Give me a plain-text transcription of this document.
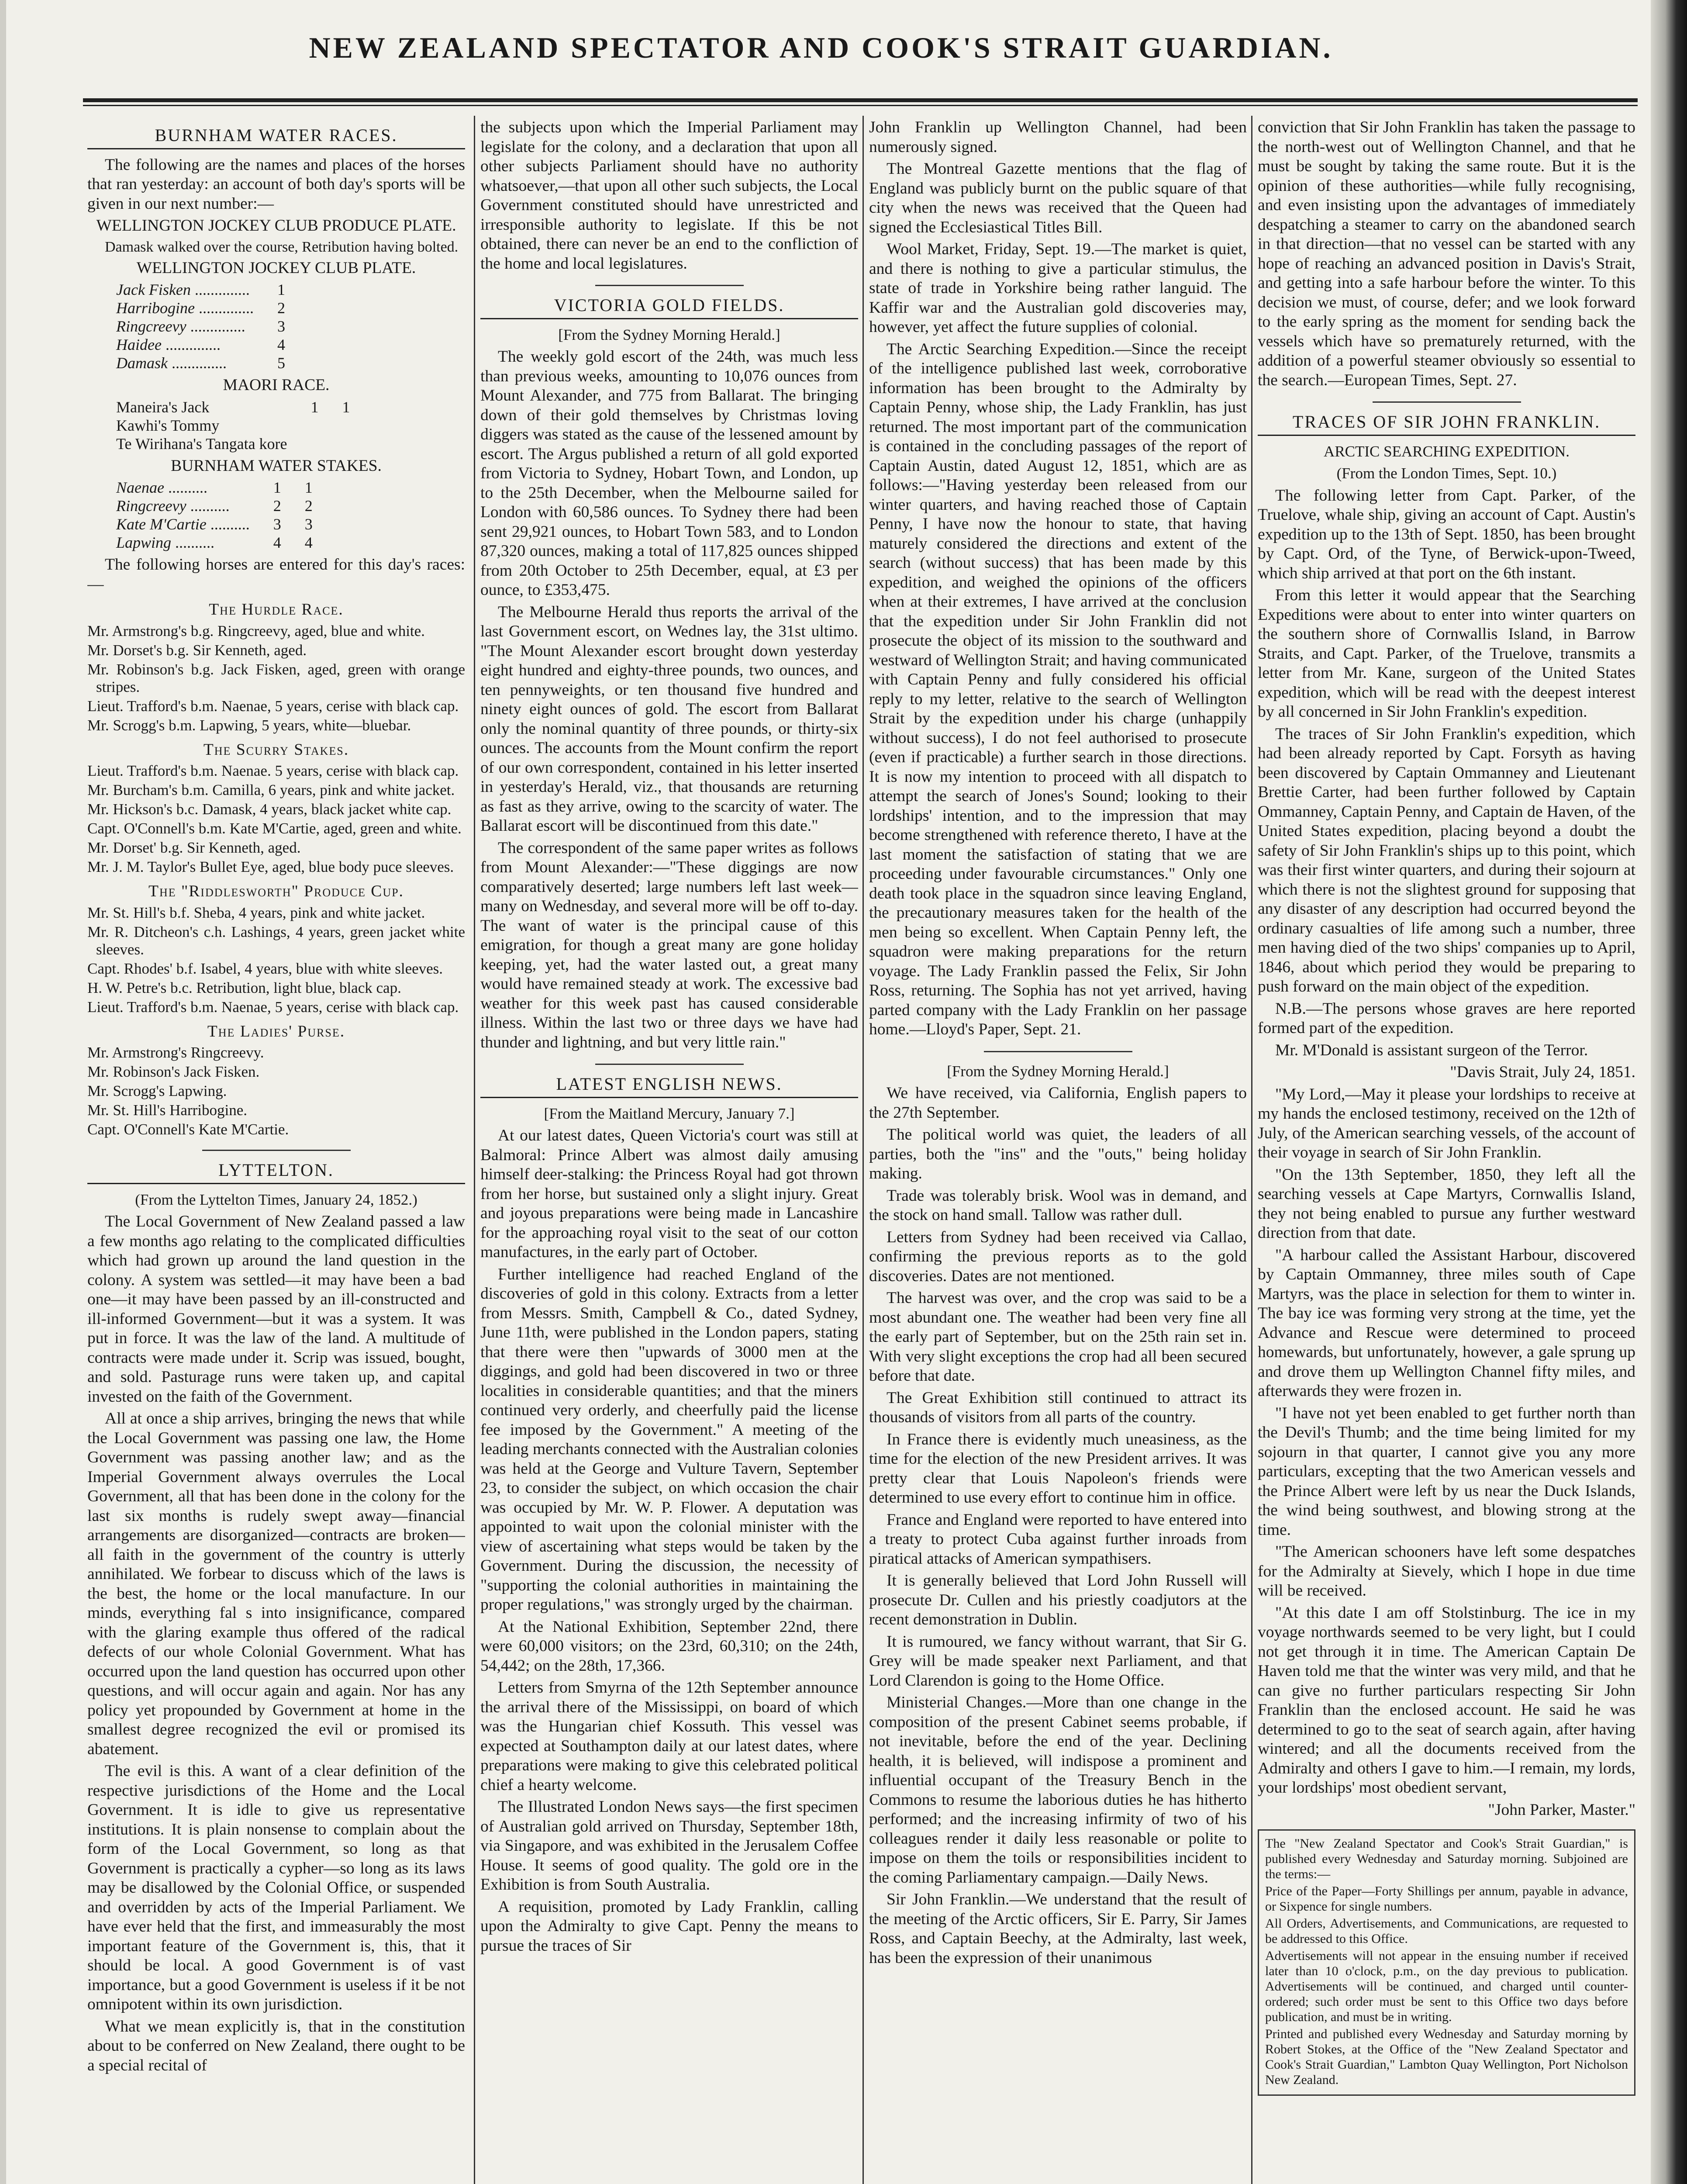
NEW ZEALAND SPECTATOR AND COOK'S STRAIT GUARDIAN.
BURNHAM WATER RACES.

The following are the names and places of the horses that ran yesterday: an account of both day's sports will be given in our next number:—

WELLINGTON JOCKEY CLUB PRODUCE PLATE.

Damask walked over the course, Retribution having bolted.

WELLINGTON JOCKEY CLUB PLATE.

Jack Fisken ..............	1
Harribogine ..............	2
Ringcreevy ..............	3
Haidee ..............	4
Damask ..............	5

MAORI RACE.

Maneira's Jack	1	1
Kawhi's Tommy		
Te Wirihana's Tangata kore		

BURNHAM WATER STAKES.

Naenae ..........	1	1
Ringcreevy ..........	2	2
Kate M'Cartie ..........	3	3
Lapwing ..........	4	4

The following horses are entered for this day's races:—

The Hurdle Race.

Mr. Armstrong's b.g. Ringcreevy, aged, blue and white.

Mr. Dorset's b.g. Sir Kenneth, aged.

Mr. Robinson's b.g. Jack Fisken, aged, green with orange stripes.

Lieut. Trafford's b.m. Naenae, 5 years, cerise with black cap.

Mr. Scrogg's b.m. Lapwing, 5 years, white—bluebar.

The Scurry Stakes.

Lieut. Trafford's b.m. Naenae. 5 years, cerise with black cap.

Mr. Burcham's b.m. Camilla, 6 years, pink and white jacket.

Mr. Hickson's b.c. Damask, 4 years, black jacket white cap.

Capt. O'Connell's b.m. Kate M'Cartie, aged, green and white.

Mr. Dorset' b.g. Sir Kenneth, aged.

Mr. J. M. Taylor's Bullet Eye, aged, blue body puce sleeves.

The "Riddlesworth" Produce Cup.

Mr. St. Hill's b.f. Sheba, 4 years, pink and white jacket.

Mr. R. Ditcheon's c.h. Lashings, 4 years, green jacket white sleeves.

Capt. Rhodes' b.f. Isabel, 4 years, blue with white sleeves.

H. W. Petre's b.c. Retribution, light blue, black cap.

Lieut. Trafford's b.m. Naenae, 5 years, cerise with black cap.

The Ladies' Purse.

Mr. Armstrong's Ringcreevy.

Mr. Robinson's Jack Fisken.

Mr. Scrogg's Lapwing.

Mr. St. Hill's Harribogine.

Capt. O'Connell's Kate M'Cartie.

LYTTELTON.

(From the Lyttelton Times, January 24, 1852.)

The Local Government of New Zealand passed a law a few months ago relating to the complicated difficulties which had grown up around the land question in the colony. A system was settled—it may have been a bad one—it may have been passed by an ill-constructed and ill-informed Government—but it was a system. It was put in force. It was the law of the land. A multitude of contracts were made under it. Scrip was issued, bought, and sold. Pasturage runs were taken up, and capital invested on the faith of the Government.

All at once a ship arrives, bringing the news that while the Local Government was passing one law, the Home Government was passing another law; and as the Imperial Government always overrules the Local Government, all that has been done in the colony for the last six months is rudely swept away—financial arrangements are disorganized—contracts are broken—all faith in the government of the country is utterly annihilated. We forbear to discuss which of the laws is the best, the home or the local manufacture. In our minds, everything fal s into insignificance, compared with the glaring example thus offered of the radical defects of our whole Colonial Government. What has occurred upon the land question has occurred upon other questions, and will occur again and again. Nor has any policy yet propounded by Government at home in the smallest degree recognized the evil or promised its abatement.

The evil is this. A want of a clear definition of the respective jurisdictions of the Home and the Local Government. It is idle to give us representative institutions. It is plain nonsense to complain about the form of the Local Government, so long as that Government is practically a cypher—so long as its laws may be disallowed by the Colonial Office, or suspended and overridden by acts of the Imperial Parliament. We have ever held that the first, and immeasurably the most important feature of the Government is, this, that it should be local. A good Government is of vast importance, but a good Government is useless if it be not omnipotent within its own jurisdiction.

What we mean explicitly is, that in the constitution about to be conferred on New Zealand, there ought to be a special recital of

the subjects upon which the Imperial Parliament may legislate for the colony, and a declaration that upon all other subjects Parliament should have no authority whatsoever,—that upon all other such subjects, the Local Government constituted should have unrestricted and irresponsible authority to legislate. If this be not obtained, there can never be an end to the confliction of the home and local legislatures.

VICTORIA GOLD FIELDS.

[From the Sydney Morning Herald.]

The weekly gold escort of the 24th, was much less than previous weeks, amounting to 10,076 ounces from Mount Alexander, and 775 from Ballarat. The bringing down of their gold themselves by Christmas loving diggers was stated as the cause of the lessened amount by escort. The Argus published a return of all gold exported from Victoria to Sydney, Hobart Town, and London, up to the 25th December, when the Melbourne sailed for London with 60,586 ounces. To Sydney there had been sent 29,921 ounces, to Hobart Town 583, and to London 87,320 ounces, making a total of 117,825 ounces shipped from 20th October to 25th December, equal, at £3 per ounce, to £353,475.

The Melbourne Herald thus reports the arrival of the last Government escort, on Wednes lay, the 31st ultimo. "The Mount Alexander escort brought down yesterday eight hundred and eighty-three pounds, two ounces, and ten pennyweights, or ten thousand five hundred and ninety eight ounces of gold. The escort from Ballarat only the nominal quantity of three pounds, or thirty-six ounces. The accounts from the Mount confirm the report of our own correspondent, contained in his letter inserted in yesterday's Herald, viz., that thousands are returning as fast as they arrive, owing to the scarcity of water. The Ballarat escort will be discontinued from this date."

The correspondent of the same paper writes as follows from Mount Alexander:—"These diggings are now comparatively deserted; large numbers left last week—many on Wednesday, and several more will be off to-day. The want of water is the principal cause of this emigration, for though a great many are gone holiday keeping, yet, had the water lasted out, a great many would have remained steady at work. The excessive bad weather for this week past has caused considerable illness. Within the last two or three days we have had thunder and lightning, and but very little rain."

LATEST ENGLISH NEWS.

[From the Maitland Mercury, January 7.]

At our latest dates, Queen Victoria's court was still at Balmoral: Prince Albert was almost daily amusing himself deer-stalking: the Princess Royal had got thrown from her horse, but sustained only a slight injury. Great and joyous preparations were being made in Lancashire for the approaching royal visit to the seat of our cotton manufactures, in the early part of October.

Further intelligence had reached England of the discoveries of gold in this colony. Extracts from a letter from Messrs. Smith, Campbell & Co., dated Sydney, June 11th, were published in the London papers, stating that there were then "upwards of 3000 men at the diggings, and gold had been discovered in two or three localities in considerable quantities; and that the miners continued very orderly, and cheerfully paid the license fee imposed by the Government." A meeting of the leading merchants connected with the Australian colonies was held at the George and Vulture Tavern, September 23, to consider the subject, on which occasion the chair was occupied by Mr. W. P. Flower. A deputation was appointed to wait upon the colonial minister with the view of ascertaining what steps would be taken by the Government. During the discussion, the necessity of "supporting the colonial authorities in maintaining the proper regulations," was strongly urged by the chairman.

At the National Exhibition, September 22nd, there were 60,000 visitors; on the 23rd, 60,310; on the 24th, 54,442; on the 28th, 17,366.

Letters from Smyrna of the 12th September announce the arrival there of the Mississippi, on board of which was the Hungarian chief Kossuth. This vessel was expected at Southampton daily at our latest dates, where preparations were making to give this celebrated political chief a hearty welcome.

The Illustrated London News says—the first specimen of Australian gold arrived on Thursday, September 18th, via Singapore, and was exhibited in the Jerusalem Coffee House. It seems of good quality. The gold ore in the Exhibition is from South Australia.

A requisition, promoted by Lady Franklin, calling upon the Admiralty to give Capt. Penny the means to pursue the traces of Sir

John Franklin up Wellington Channel, had been numerously signed.

The Montreal Gazette mentions that the flag of England was publicly burnt on the public square of that city when the news was received that the Queen had signed the Ecclesiastical Titles Bill.

Wool Market, Friday, Sept. 19.—The market is quiet, and there is nothing to give a particular stimulus, the state of trade in Yorkshire being rather languid. The Kaffir war and the Australian gold discoveries may, however, yet affect the future supplies of colonial.

The Arctic Searching Expedition.—Since the receipt of the intelligence published last week, corroborative information has been brought to the Admiralty by Captain Penny, whose ship, the Lady Franklin, has just returned. The most important part of the communication is contained in the concluding passages of the report of Captain Austin, dated August 12, 1851, which are as follows:—"Having yesterday been released from our winter quarters, and having reached those of Captain Penny, I have now the honour to state, that having maturely considered the directions and extent of the search (without success) that has been made by this expedition, and weighed the opinions of the officers when at their extremes, I have arrived at the conclusion that the expedition under Sir John Franklin did not prosecute the object of its mission to the southward and westward of Wellington Strait; and having communicated with Captain Penny and fully considered his official reply to my letter, relative to the search of Wellington Strait by the expedition under his charge (unhappily without success), I do not feel authorised to prosecute (even if practicable) a further search in those directions. It is now my intention to proceed with all dispatch to attempt the search of Jones's Sound; looking to their lordships' intention, and to the impression that may become strengthened with reference thereto, I have at the last moment the satisfaction of stating that we are proceeding under favourable circumstances." Only one death took place in the squadron since leaving England, the precautionary measures taken for the health of the men being so excellent. When Captain Penny left, the squadron were making preparations for the return voyage. The Lady Franklin passed the Felix, Sir John Ross, returning. The Sophia has not yet arrived, having parted company with the Lady Franklin on her passage home.—Lloyd's Paper, Sept. 21.

[From the Sydney Morning Herald.]

We have received, via California, English papers to the 27th September.

The political world was quiet, the leaders of all parties, both the "ins" and the "outs," being holiday making.

Trade was tolerably brisk. Wool was in demand, and the stock on hand small. Tallow was rather dull.

Letters from Sydney had been received via Callao, confirming the previous reports as to the gold discoveries. Dates are not mentioned.

The harvest was over, and the crop was said to be a most abundant one. The weather had been very fine all the early part of September, but on the 25th rain set in. With very slight exceptions the crop had all been secured before that date.

The Great Exhibition still continued to attract its thousands of visitors from all parts of the country.

In France there is evidently much uneasiness, as the time for the election of the new President arrives. It was pretty clear that Louis Napoleon's friends were determined to use every effort to continue him in office.

France and England were reported to have entered into a treaty to protect Cuba against further inroads from piratical attacks of American sympathisers.

It is generally believed that Lord John Russell will prosecute Dr. Cullen and his priestly coadjutors at the recent demonstration in Dublin.

It is rumoured, we fancy without warrant, that Sir G. Grey will be made speaker next Parliament, and that Lord Clarendon is going to the Home Office.

Ministerial Changes.—More than one change in the composition of the present Cabinet seems probable, if not inevitable, before the end of the year. Declining health, it is believed, will indispose a prominent and influential occupant of the Treasury Bench in the Commons to resume the laborious duties he has hitherto performed; and the increasing infirmity of two of his colleagues render it daily less reasonable or polite to impose on them the toils or responsibilities incident to the coming Parliamentary campaign.—Daily News.

Sir John Franklin.—We understand that the result of the meeting of the Arctic officers, Sir E. Parry, Sir James Ross, and Captain Beechy, at the Admiralty, last week, has been the expression of their unanimous

conviction that Sir John Franklin has taken the passage to the north-west out of Wellington Channel, and that he must be sought by taking the same route. But it is the opinion of these authorities—while fully recognising, and even insisting upon the advantages of immediately despatching a steamer to carry on the abandoned search in that direction—that no vessel can be started with any hope of reaching an advanced position in Davis's Strait, and getting into a safe harbour before the winter. To this decision we must, of course, defer; and we look forward to the early spring as the moment for sending back the vessels which have so prematurely returned, with the addition of a powerful steamer obviously so essential to the search.—European Times, Sept. 27.

TRACES OF SIR JOHN FRANKLIN.

ARCTIC SEARCHING EXPEDITION.

(From the London Times, Sept. 10.)

The following letter from Capt. Parker, of the Truelove, whale ship, giving an account of Capt. Austin's expedition up to the 13th of Sept. 1850, has been brought by Capt. Ord, of the Tyne, of Berwick-upon-Tweed, which ship arrived at that port on the 6th instant.

From this letter it would appear that the Searching Expeditions were about to enter into winter quarters on the southern shore of Cornwallis Island, in Barrow Straits, and Capt. Parker, of the Truelove, transmits a letter from Mr. Kane, surgeon of the United States expedition, which will be read with the deepest interest by all concerned in Sir John Franklin's expedition.

The traces of Sir John Franklin's expedition, which had been already reported by Capt. Forsyth as having been discovered by Captain Ommanney and Lieutenant Brettie Carter, had been further followed by Captain Ommanney, Captain Penny, and Captain de Haven, of the United States expedition, placing beyond a doubt the safety of Sir John Franklin's ships up to this point, which was their first winter quarters, and during their sojourn at which there is not the slightest ground for supposing that any disaster of any description had occurred beyond the ordinary casualties of life among such a number, three men having died of the two ships' companies up to April, 1846, about which period they would be preparing to push forward on the main object of the expedition.

N.B.—The persons whose graves are here reported formed part of the expedition.

Mr. M'Donald is assistant surgeon of the Terror.

"Davis Strait, July 24, 1851.

"My Lord,—May it please your lordships to receive at my hands the enclosed testimony, received on the 12th of July, of the American searching vessels, of the account of their voyage in search of Sir John Franklin.

"On the 13th September, 1850, they left all the searching vessels at Cape Martyrs, Cornwallis Island, they not being enabled to pursue any further westward direction from that date.

"A harbour called the Assistant Harbour, discovered by Captain Ommanney, three miles south of Cape Martyrs, was the place in selection for them to winter in. The bay ice was forming very strong at the time, yet the Advance and Rescue were determined to proceed homewards, but unfortunately, however, a gale sprung up and drove them up Wellington Channel fifty miles, and afterwards they were frozen in.

"I have not yet been enabled to get further north than the Devil's Thumb; and the time being limited for my sojourn in that quarter, I cannot give you any more particulars, excepting that the two American vessels and the Prince Albert were left by us near the Duck Islands, the wind being southwest, and blowing strong at the time.

"The American schooners have left some despatches for the Admiralty at Sievely, which I hope in due time will be received.

"At this date I am off Stolstinburg. The ice in my voyage northwards seemed to be very light, but I could not get through it in time. The American Captain De Haven told me that the winter was very mild, and that he can give no further particulars respecting Sir John Franklin than the enclosed account. He said he was determined to go to the seat of search again, after having wintered; and all the documents received from the Admiralty and others I gave to him.—I remain, my lords, your lordships' most obedient servant,

"John Parker, Master."

The "New Zealand Spectator and Cook's Strait Guardian," is published every Wednesday and Saturday morning. Subjoined are the terms:—

Price of the Paper—Forty Shillings per annum, payable in advance, or Sixpence for single numbers.

All Orders, Advertisements, and Communications, are requested to be addressed to this Office.

Advertisements will not appear in the ensuing number if received later than 10 o'clock, p.m., on the day previous to publication. Advertisements will be continued, and charged until counter-ordered; such order must be sent to this Office two days before publication, and must be in writing.

Printed and published every Wednesday and Saturday morning by Robert Stokes, at the Office of the "New Zealand Spectator and Cook's Strait Guardian," Lambton Quay Wellington, Port Nicholson New Zealand.
